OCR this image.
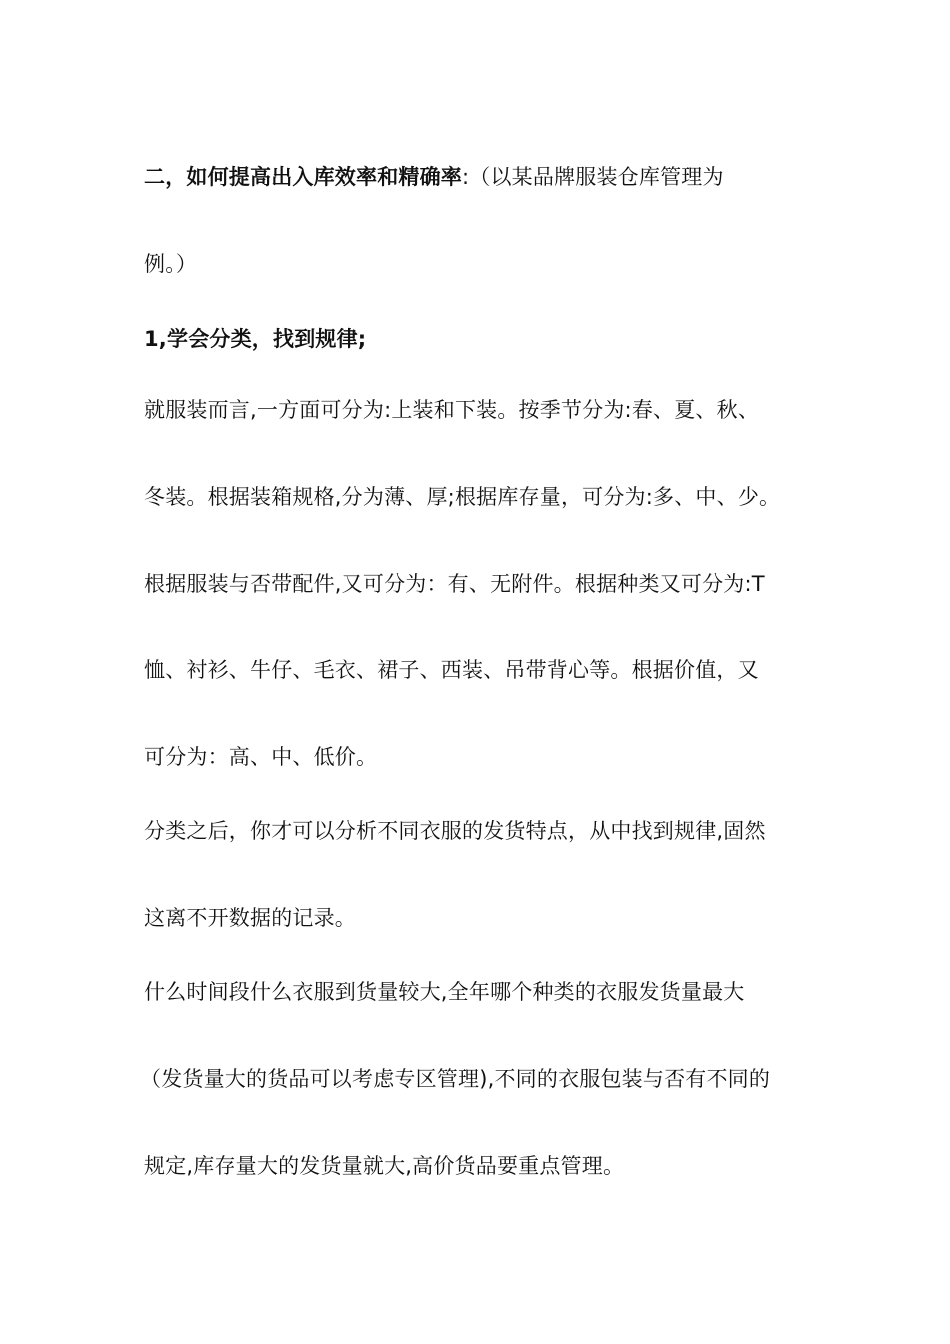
二，如何提高出入库效率和精确率:（以某品牌服装仓库管理为
例。）
1,学会分类，找到规律;
就服装而言,一方面可分为:上装和下装。按季节分为:春、夏、秋、
冬装。根据装箱规格,分为薄、厚;根据库存量，可分为:多、中、少。
根据服装与否带配件,又可分为：有、无附件。根据种类又可分为:T
恤、衬衫、牛仔、毛衣、裙子、西装、吊带背心等。根据价值，又
可分为：高、中、低价。
分类之后，你才可以分析不同衣服的发货特点，从中找到规律,固然
这离不开数据的记录。
什么时间段什么衣服到货量较大,全年哪个种类的衣服发货量最大
（发货量大的货品可以考虑专区管理),不同的衣服包装与否有不同的
规定,库存量大的发货量就大,高价货品要重点管理。
